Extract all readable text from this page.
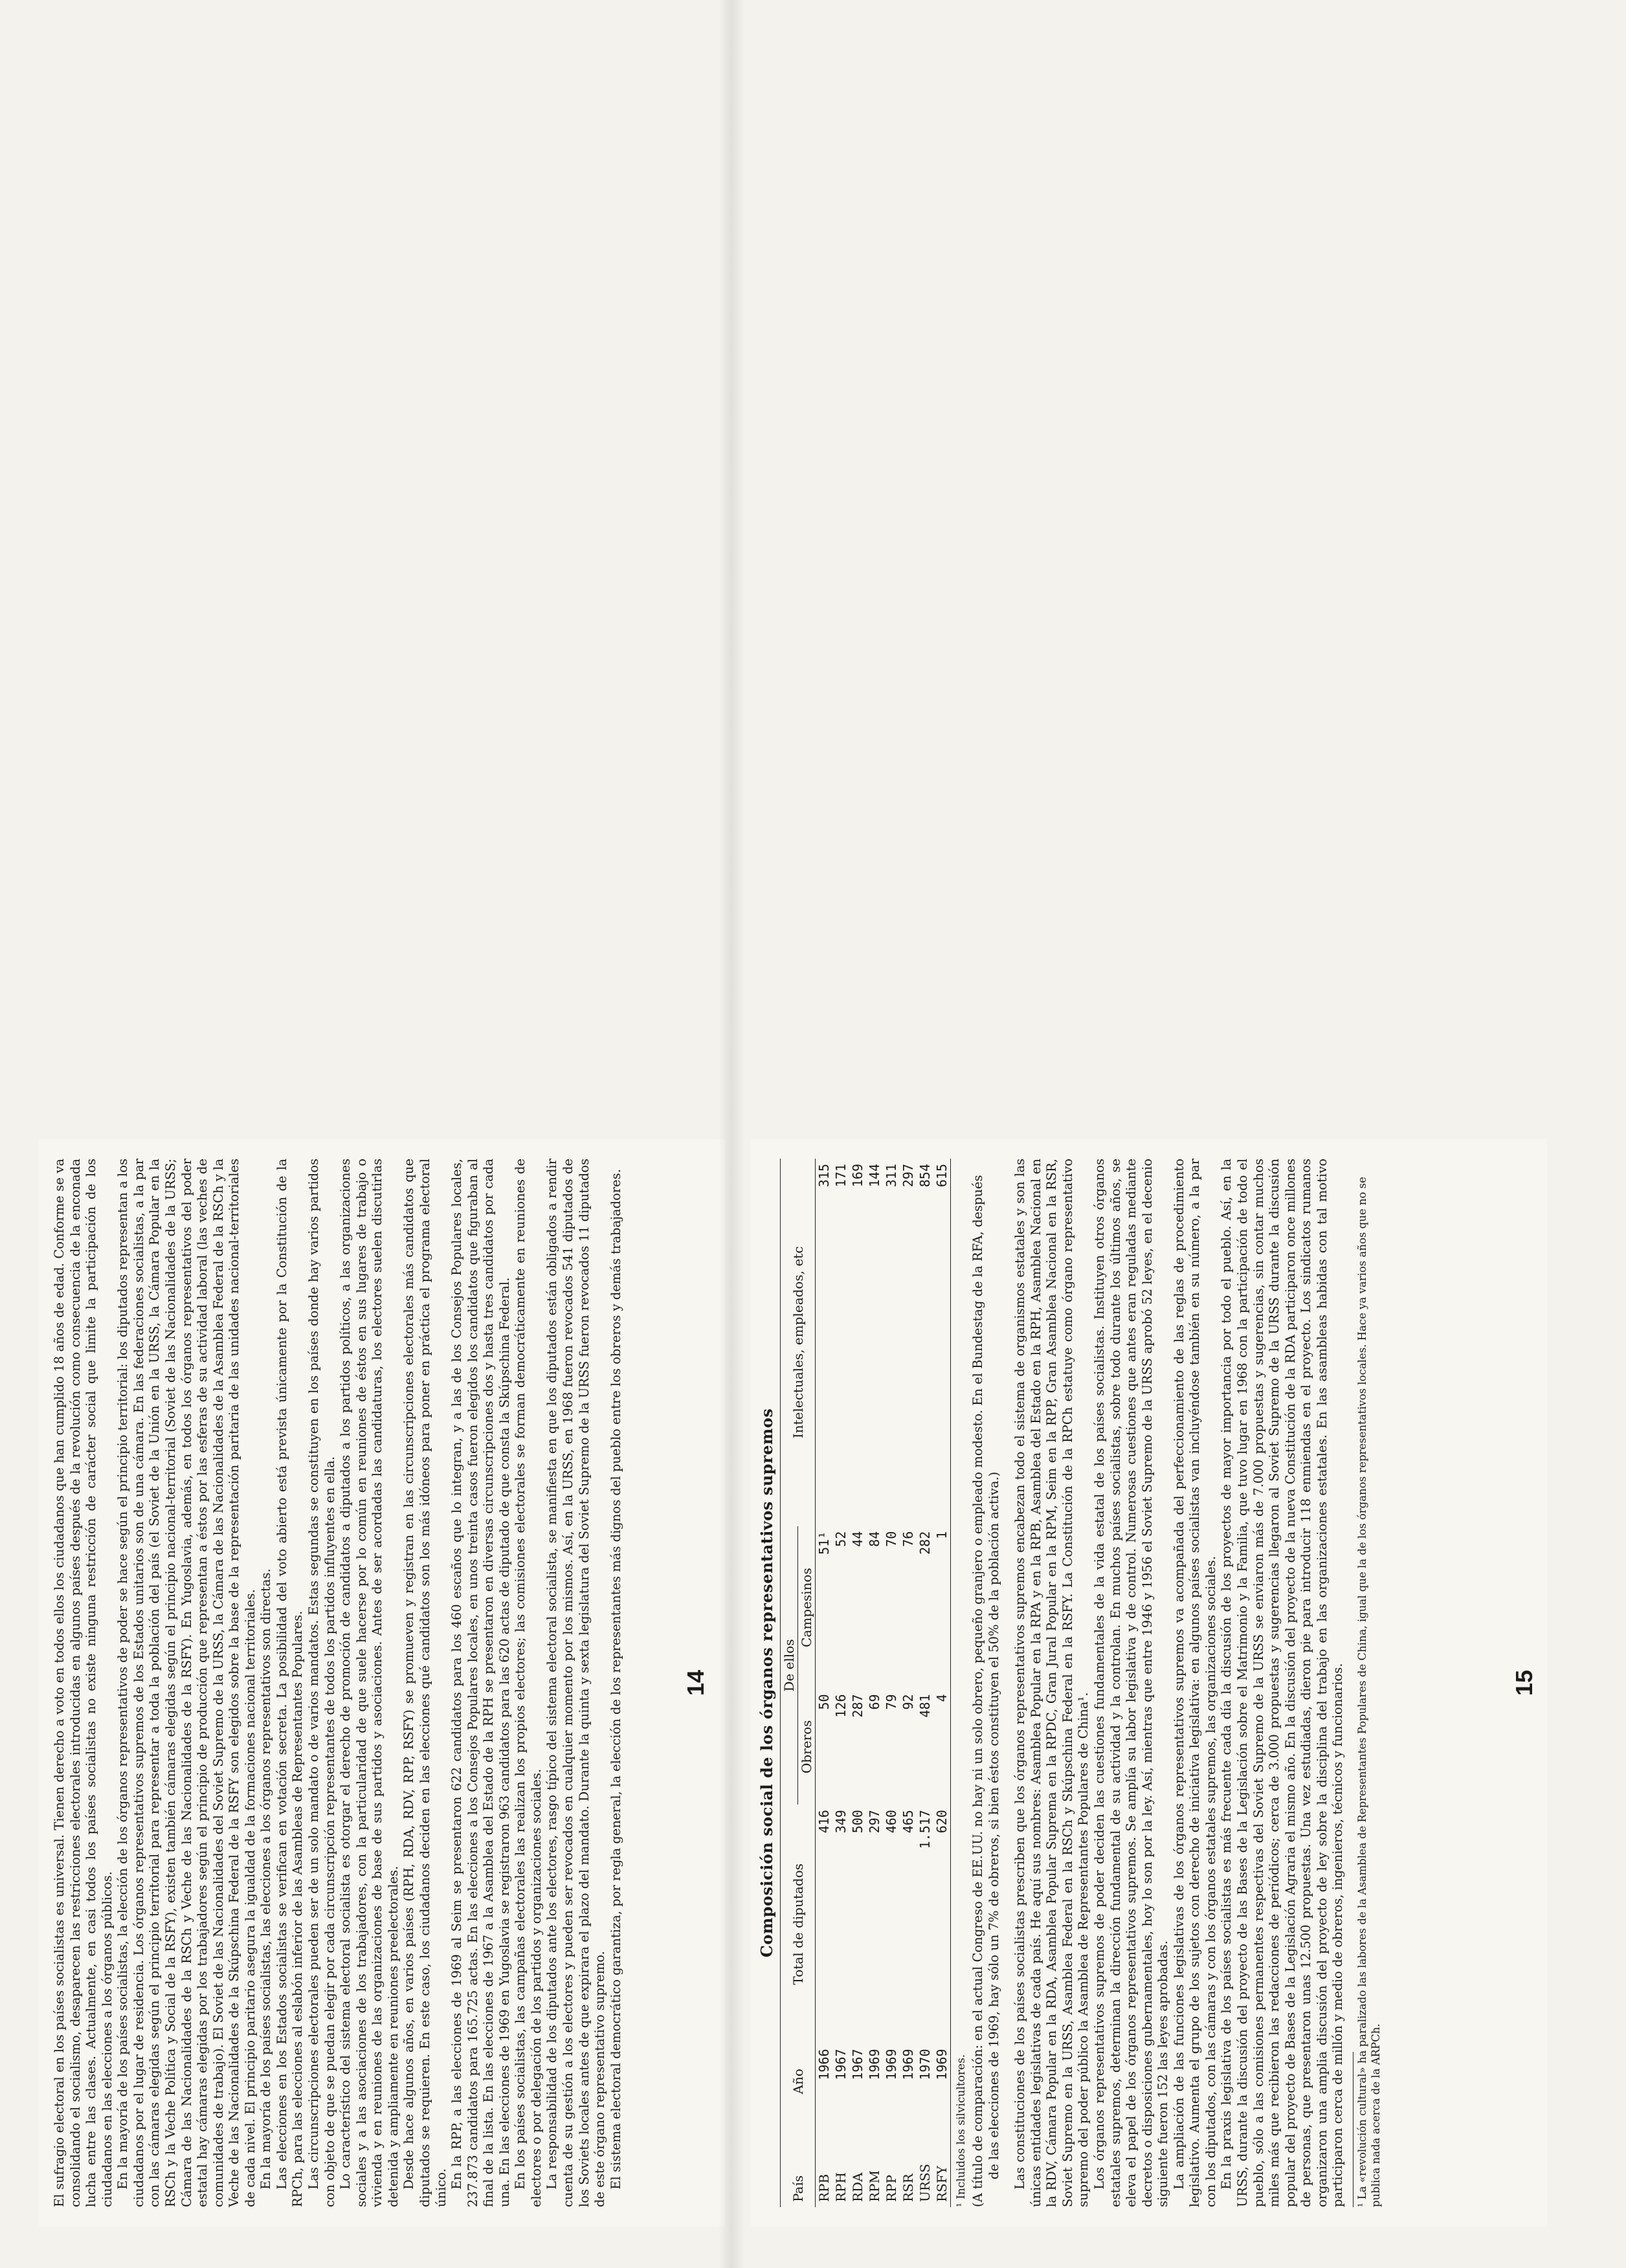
El sufragio electoral en los países socialistas es universal. Tienen derecho a voto en todos ellos los ciudadanos que han cumplido 18 años de edad. Conforme se va consolidando el socialismo, desaparecen las restricciones electorales introducidas en algunos países después de la revolución como consecuencia de la enconada lucha entre las clases. Actualmente, en casi todos los países socialistas no existe ninguna restricción de carácter social que limite la participación de los ciudadanos en las elecciones a los órganos públicos. En la mayoría de los países socialistas, la elección de los órganos representativos de poder se hace según el principio territorial: los diputados representan a los ciudadanos por el lugar de residencia. Los órganos representativos supremos de los Estados unitarios son de una cámara. En las federaciones socialistas, a la par con las cámaras elegidas según el principio territorial para representar a toda la población del país (el Soviet de la Unión en la URSS, la Cámara Popular en la RSCh y la Veche Política y Social de la RSFY), existen también cámaras elegidas según el principio nacional-territorial (Soviet de las Nacionalidades de la URSS; Cámara de las Nacionalidades de la RSCh y Veche de las Nacionalidades de la RSFY). En Yugoslavia, además, en todos los órganos representativos del poder estatal hay cámaras elegidas por los trabajadores según el principio de producción que representan a éstos por las esferas de su actividad laboral (las veches de comunidades de trabajo). El Soviet de las Nacionalidades del Soviet Supremo de la URSS, la Cámara de las Nacionalidades de la Asamblea Federal de la RSCh y la Veche de las Nacionalidades de la Skúpschina Federal de la RSFY son elegidos sobre la base de la representación paritaria de las unidades nacional-territoriales de cada nivel. El principio paritario asegura la igualdad de la formaciones nacional territoriales. En la mayoría de los países socialistas, las elecciones a los órganos representativos son directas. Las elecciones en los Estados socialistas se verifican en votación secreta. La posibilidad del voto abierto está prevista únicamente por la Constitución de la RPCh, para las elecciones al eslabón inferior de las Asambleas de Representantes Populares. Las circunscripciones electorales pueden ser de un solo mandato o de varios mandatos. Estas segundas se constituyen en los países donde hay varios partidos con objeto de que se puedan elegir por cada circunscripción representantes de todos los partidos influyentes en ella. Lo característico del sistema electoral socialista es otorgar el derecho de promoción de candidatos a diputados a los partidos políticos, a las organizaciones sociales y a las asociaciones de los trabajadores, con la particularidad de que suele hacerse por lo común en reuniones de éstos en sus lugares de trabajo o vivienda y en reuniones de las organizaciones de base de sus partidos y asociaciones. Antes de ser acordadas las candidaturas, los electores suelen discutirlas detenida y ampliamente en reuniones preelectorales. Desde hace algunos años, en varios países (RPH, RDA, RDV, RPP, RSFY) se promueven y registran en las circunscripciones electorales más candidatos que diputados se requieren. En este caso, los ciudadanos deciden en las elecciones qué candidatos son los más idóneos para poner en práctica el programa electoral único. En la RPP, a las elecciones de 1969 al Seim se presentaron 622 candidatos para los 460 escaños que lo integran, y a las de los Consejos Populares locales, 237.873 candidatos para 165.725 actas. En las elecciones a los Consejos Populares locales, en unos treinta casos fueron elegidos los candidatos que figuraban al final de la lista. En las elecciones de 1967 a la Asamblea del Estado de la RPH se presentaron en diversas circunscripciones dos y hasta tres candidatos por cada una. En las elecciones de 1969 en Yugoslavia se registraron 963 candidatos para las 620 actas de diputado de que consta la Skúpschina Federal. En los países socialistas, las campañas electorales las realizan los propios electores; las comisiones electorales se forman democráticamente en reuniones de electores o por delegación de los partidos y organizaciones sociales. La responsabilidad de los diputados ante los electores, rasgo típico del sistema electoral socialista, se manifiesta en que los diputados están obligados a rendir cuenta de su gestión a los electores y pueden ser revocados en cualquier momento por los mismos. Así, en la URSS, en 1968 fueron revocados 541 diputados de los Soviets locales antes de que expirara el plazo del mandato. Durante la quinta y sexta legislatura del Soviet Supremo de la URSS fueron revocados 11 diputados de este órgano representativo supremo. El sistema electoral democrático garantiza, por regla general, la elección de los representantes más dignos del pueblo entre los obreros y demás trabajadores.	14	Composición social de los órganos representativos supremos
País	Año	Total de diputados	De ellos		Intelectuales, empleados, etc
			Obreros	Campesinos	
RPB	1966	416	50	51¹	315
RPH	1967	349	126	52	171
RDA	1967	500	287	44	169
RPM	1969	297	69	84	144
RPP	1969	460	79	70	311
RSR	1969	465	92	76	297
URSS	1970	1.517	481	282	854
RSFY	1969	620	4	1	615
¹ Incluidos los silvicultores. (A título de comparación: en el actual Congreso de EE.UU. no hay ni un solo obrero, pequeño granjero o empleado modesto. En el Bundestag de la RFA, después de las elecciones de 1969, hay sólo un 7% de obreros, si bien éstos constituyen el 50% de la población activa.) Las constituciones de los países socialistas prescriben que los órganos representativos supremos encabezan todo el sistema de organismos estatales y son las únicas entidades legislativas de cada país. He aquí sus nombres: Asamblea Popular en la RPA y en la RPB, Asamblea del Estado en la RPH, Asamblea Nacional en la RDV, Cámara Popular en la RDA, Asamblea Popular Suprema en la RPDC, Gran Jural Popular en la RPM, Seim en la RPP, Gran Asamblea Nacional en la RSR, Soviet Supremo en la URSS, Asamblea Federal en la RSCh y Skúpschina Federal en la RSFY. La Constitución de la RPCh estatuye como órgano representativo supremo del poder público la Asamblea de Representantes Populares de China¹. Los órganos representativos supremos de poder deciden las cuestiones fundamentales de la vida estatal de los países socialistas. Instituyen otros órganos estatales supremos, determinan la dirección fundamental de su actividad y la controlan. En muchos países socialistas, sobre todo durante los últimos años, se eleva el papel de los órganos representativos supremos. Se amplía su labor legislativa y de control. Numerosas cuestiones que antes eran reguladas mediante decretos o disposiciones gubernamentales, hoy lo son por la ley. Así, mientras que entre 1946 y 1956 el Soviet Supremo de la URSS aprobó 52 leyes, en el decenio siguiente fueron 152 las leyes aprobadas. La ampliación de las funciones legislativas de los órganos representativos supremos va acompañada del perfeccionamiento de las reglas de procedimiento legislativo. Aumenta el grupo de los sujetos con derecho de iniciativa legislativa: en algunos países socialistas van incluyéndose también en su número, a la par con los diputados, con las cámaras y con los órganos estatales supremos, las organizaciones sociales. En la praxis legislativa de los países socialistas es más frecuente cada día la discusión de los proyectos de mayor importancia por todo el pueblo. Así, en la URSS, durante la discusión del proyecto de las Bases de la Legislación sobre el Matrimonio y la Familia, que tuvo lugar en 1968 con la participación de todo el pueblo, sólo a las comisiones permanentes respectivas del Soviet Supremo de la URSS se enviaron más de 7.000 propuestas y sugerencias, sin contar muchos miles más que recibieron las redacciones de periódicos; cerca de 3.000 propuestas y sugerencias llegaron al Soviet Supremo de la URSS durante la discusión popular del proyecto de Bases de la Legislación Agraria el mismo año. En la discusión del proyecto de la nueva Constitución de la RDA participaron once millones de personas, que presentaron unas 12.500 propuestas. Una vez estudiadas, dieron pie para introducir 118 enmiendas en el proyecto. Los sindicatos rumanos organizaron una amplia discusión del proyecto de ley sobre la disciplina del trabajo en las organizaciones estatales. En las asambleas habidas con tal motivo participaron cerca de millón y medio de obreros, ingenieros, técnicos y funcionarios. ¹ La «revolución cultural» ha paralizado las labores de la Asamblea de Representantes Populares de China, igual que la de los órganos representativos locales. Hace ya varios años que no se publica nada acerca de la ARPCh.
15
